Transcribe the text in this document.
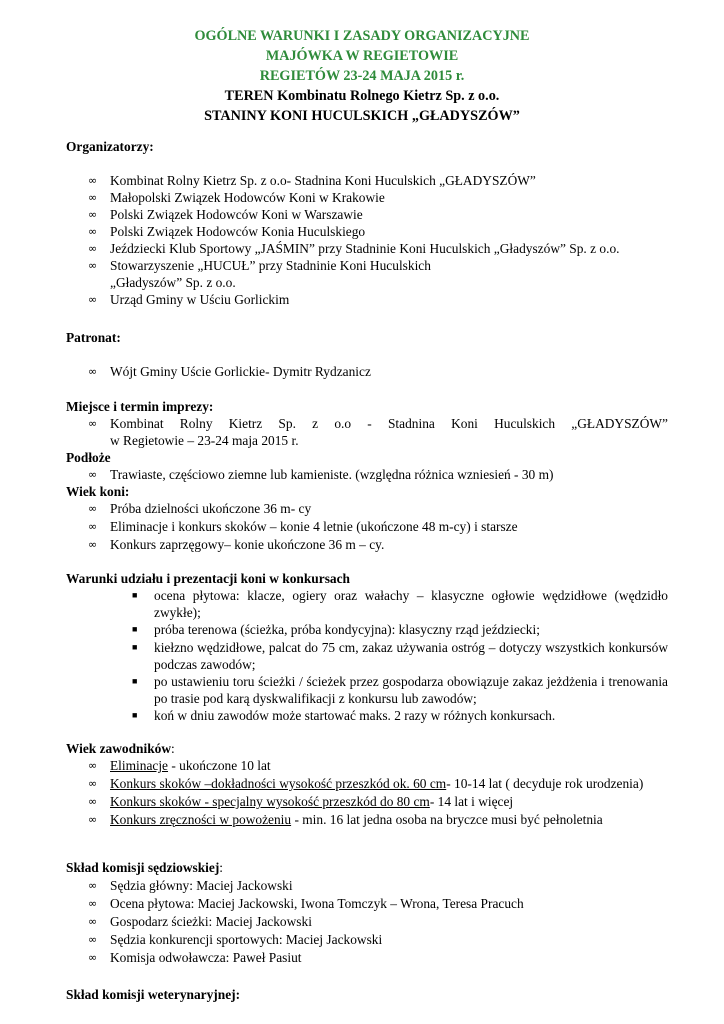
OGÓLNE WARUNKI I ZASADY ORGANIZACYJNE
MAJÓWKA W REGIETOWIE
REGIETÓW 23-24 MAJA 2015 r.
TEREN Kombinatu Rolnego Kietrz Sp. z o.o.
STANINY KONI HUCULSKICH „GŁADYSZÓW”
Organizatorzy:
∞ Kombinat Rolny Kietrz Sp. z o.o- Stadnina Koni Huculskich „GŁADYSZÓW”
∞ Małopolski Związek Hodowców Koni w Krakowie
∞ Polski Związek Hodowców Koni w Warszawie
∞ Polski Związek Hodowców Konia Huculskiego
∞ Jeździecki Klub Sportowy „JAŚMIN” przy Stadninie Koni Huculskich „Gładyszów” Sp. z o.o.
∞ Stowarzyszenie „HUCUŁ” przy Stadninie Koni Huculskich
„Gładyszów” Sp. z o.o.
∞ Urząd Gminy w Uściu Gorlickim
Patronat:
∞ Wójt Gminy Uście Gorlickie- Dymitr Rydzanicz
Miejsce i termin imprezy:
∞ Kombinat Rolny Kietrz Sp. z o.o - Stadnina Koni Huculskich „GŁADYSZÓW”
w Regietowie – 23-24 maja 2015 r.
Podłoże
∞ Trawiaste, częściowo ziemne lub kamieniste. (względna różnica wzniesień - 30 m)
Wiek koni:
∞ Próba dzielności ukończone 36 m- cy
∞ Eliminacje i konkurs skoków – konie 4 letnie (ukończone 48 m-cy) i starsze
∞ Konkurs zaprzęgowy– konie ukończone 36 m – cy.
Warunki udziału i prezentacji koni w konkursach
■ ocena płytowa: klacze, ogiery oraz wałachy – klasyczne ogłowie wędzidłowe (wędzidło zwykłe);
■ próba terenowa (ścieżka, próba kondycyjna): klasyczny rząd jeździecki;
■ kiełzno wędzidłowe, palcat do 75 cm, zakaz używania ostróg – dotyczy wszystkich konkursów podczas zawodów;
■ po ustawieniu toru ścieżki / ścieżek przez gospodarza obowiązuje zakaz jeżdżenia i trenowania po trasie pod karą dyskwalifikacji z konkursu lub zawodów;
■ koń w dniu zawodów może startować maks. 2 razy w różnych konkursach.
Wiek zawodników:
∞ Eliminacje - ukończone 10 lat
∞ Konkurs skoków –dokładności wysokość przeszkód ok. 60 cm- 10-14 lat ( decyduje rok urodzenia)
∞ Konkurs skoków - specjalny wysokość przeszkód do 80 cm- 14 lat i więcej
∞ Konkurs zręczności w powożeniu - min. 16 lat jedna osoba na bryczce musi być pełnoletnia
Skład komisji sędziowskiej:
∞ Sędzia główny: Maciej Jackowski
∞ Ocena płytowa: Maciej Jackowski, Iwona Tomczyk – Wrona, Teresa Pracuch
∞ Gospodarz ścieżki: Maciej Jackowski
∞ Sędzia konkurencji sportowych: Maciej Jackowski
∞ Komisja odwoławcza: Paweł Pasiut
Skład komisji weterynaryjnej:
